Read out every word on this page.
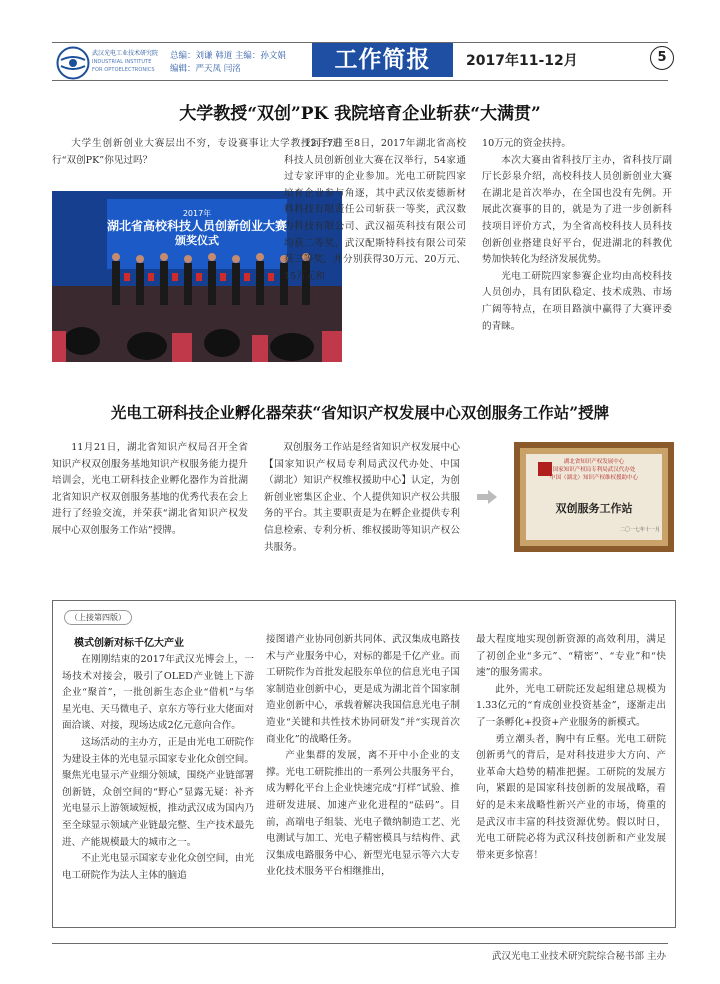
武汉光电工业技术研究院
INDUSTRIAL INSTITUTE
FOR OPTOELECTRONICS
总编：刘谦 韩道 主编：孙文娟
编辑：严天凤 闫洺	工作简报	2017年11-12月	5
大学教授“双创”PK 我院培育企业斩获“大满贯”

大学生创新创业大赛层出不穷，专设赛事让大学教授同台进行“双创PK”你见过吗？

2017年
湖北省高校科技人员创新创业大赛
颁奖仪式

　　12月7日至8日，2017年湖北省高校科技人员创新创业大赛在汉举行，54家通过专家评审的企业参加。光电工研院四家培育企业参与角逐，其中武汉依麦德新材料科技有限责任公司斩获一等奖，武汉数为科技有限公司、武汉福英科技有限公司均获二等奖，武汉配斯特科技有限公司荣获三等奖，并分别获得30万元、20万元、15万元和

10万元的资金扶持。

本次大赛由省科技厅主办，省科技厅副厅长彭泉介绍，高校科技人员创新创业大赛在湖北是首次举办，在全国也没有先例。开展此次赛事的目的，就是为了进一步创新科技项目评价方式，为全省高校科技人员科技创新创业搭建良好平台，促进湖北的科教优势加快转化为经济发展优势。

光电工研院四家参赛企业均由高校科技人员创办，具有团队稳定、技术成熟、市场广阔等特点，在项目路演中赢得了大赛评委的青睐。

光电工研科技企业孵化器荣获“省知识产权发展中心双创服务工作站”授牌

11月21日，湖北省知识产权局召开全省知识产权双创服务基地知识产权服务能力提升培训会，光电工研科技企业孵化器作为首批湖北省知识产权双创服务基地的优秀代表在会上进行了经验交流，并荣获“湖北省知识产权发展中心双创服务工作站”授牌。

双创服务工作站是经省知识产权发展中心【国家知识产权局专利局武汉代办处、中国（湖北）知识产权维权援助中心】认定，为创新创业密集区企业、个人提供知识产权公共服务的平台。其主要职责是为在孵企业提供专利信息检索、专利分析、维权援助等知识产权公共服务。

湖北省知识产权发展中心
国家知识产权局专利局武汉代办处
中国（湖北）知识产权维权援助中心
双创服务工作站
二〇一七年十一月
（上接第四版）
模式创新对标千亿大产业

在刚刚结束的2017年武汉光博会上，一场技术对接会，吸引了OLED产业链上下游企业“聚首”，一批创新生态企业“借机”与华星光电、天马微电子、京东方等行业大佬面对面洽谈、对接，现场达成2亿元意向合作。

这场活动的主办方，正是由光电工研院作为建设主体的光电显示国家专业化众创空间。聚焦光电显示产业细分领域，围绕产业链部署创新链，众创空间的“野心”显露无疑：补齐光电显示上游领域短板，推动武汉成为国内乃至全球显示领域产业链最完整、生产技术最先进、产能规模最大的城市之一。

不止光电显示国家专业化众创空间，由光电工研院作为法人主体的脑追

接图谱产业协同创新共同体、武汉集成电路技术与产业服务中心，对标的都是千亿产业。而工研院作为首批发起股东单位的信息光电子国家制造业创新中心，更是成为湖北首个国家制造业创新中心，承载着解决我国信息光电子制造业“关键和共性技术协同研发”并“实现首次商业化”的战略任务。

产业集群的发展，离不开中小企业的支撑。光电工研院推出的一系列公共服务平台，成为孵化平台上企业快速完成“打样”试验、推进研发进展、加速产业化进程的“砝码”。目前，高端电子组装、光电子微纳制造工艺、光电测试与加工、光电子精密模具与结构件、武汉集成电路服务中心、新型光电显示等六大专业化技术服务平台相继推出，

最大程度地实现创新资源的高效利用，满足了初创企业“多元”、“精密”、“专业”和“快速”的服务需求。

此外，光电工研院还发起组建总规模为1.33亿元的“育成创业投资基金”，逐渐走出了一条孵化+投资+产业服务的新模式。

勇立潮头者，胸中有丘壑。光电工研院创新勇气的背后，是对科技进步大方向、产业革命大趋势的精准把握。工研院的发展方向，紧跟的是国家科技创新的发展战略，看好的是未来战略性新兴产业的市场，倚重的是武汉市丰富的科技资源优势。假以时日，光电工研院必将为武汉科技创新和产业发展带来更多惊喜！

武汉光电工业技术研究院综合秘书部 主办
